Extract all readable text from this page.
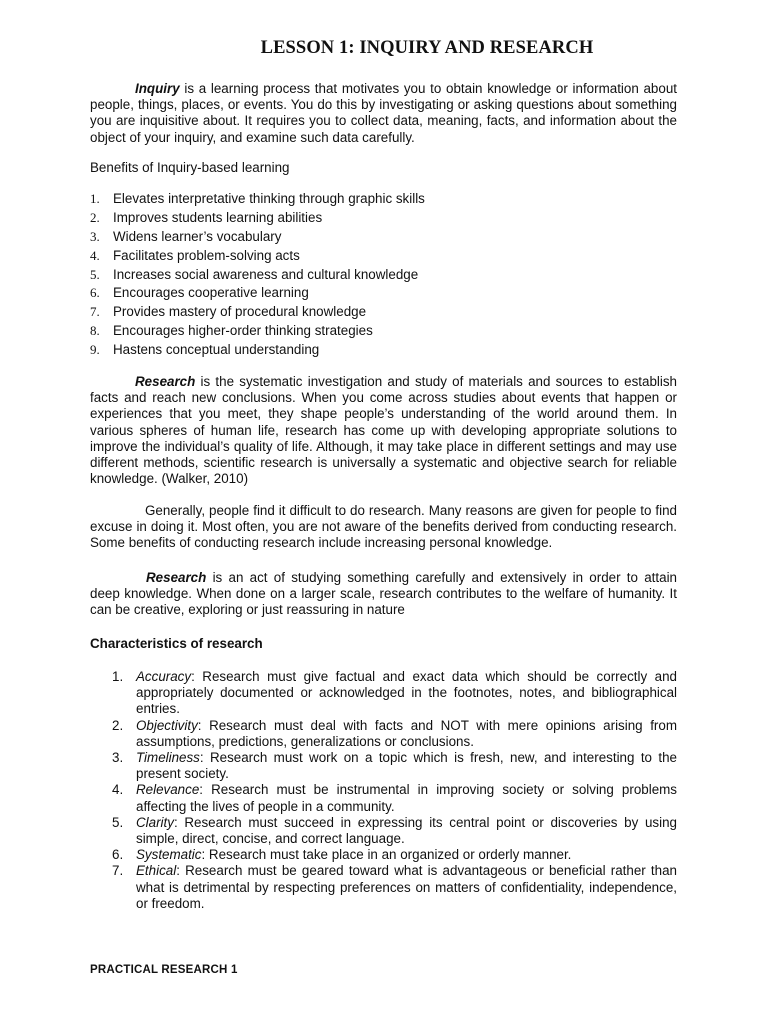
LESSON 1: INQUIRY AND RESEARCH

Inquiry is a learning process that motivates you to obtain knowledge or information about people, things, places, or events. You do this by investigating or asking questions about something you are inquisitive about. It requires you to collect data, meaning, facts, and information about the object of your inquiry, and examine such data carefully.

Benefits of Inquiry-based learning

1. Elevates interpretative thinking through graphic skills
2. Improves students learning abilities
3. Widens learner’s vocabulary
4. Facilitates problem-solving acts
5. Increases social awareness and cultural knowledge
6. Encourages cooperative learning
7. Provides mastery of procedural knowledge
8. Encourages higher-order thinking strategies
9. Hastens conceptual understanding

Research is the systematic investigation and study of materials and sources to establish facts and reach new conclusions. When you come across studies about events that happen or experiences that you meet, they shape people’s understanding of the world around them. In various spheres of human life, research has come up with developing appropriate solutions to improve the individual’s quality of life. Although, it may take place in different settings and may use different methods, scientific research is universally a systematic and objective search for reliable knowledge. (Walker, 2010)

Generally, people find it difficult to do research. Many reasons are given for people to find excuse in doing it. Most often, you are not aware of the benefits derived from conducting research. Some benefits of conducting research include increasing personal knowledge.

Research is an act of studying something carefully and extensively in order to attain deep knowledge. When done on a larger scale, research contributes to the welfare of humanity. It can be creative, exploring or just reassuring in nature

Characteristics of research

1. Accuracy: Research must give factual and exact data which should be correctly and appropriately documented or acknowledged in the footnotes, notes, and bibliographical entries.
2. Objectivity: Research must deal with facts and NOT with mere opinions arising from assumptions, predictions, generalizations or conclusions.
3. Timeliness: Research must work on a topic which is fresh, new, and interesting to the present society.
4. Relevance: Research must be instrumental in improving society or solving problems affecting the lives of people in a community.
5. Clarity: Research must succeed in expressing its central point or discoveries by using simple, direct, concise, and correct language.
6. Systematic: Research must take place in an organized or orderly manner.
7. Ethical: Research must be geared toward what is advantageous or beneficial rather than what is detrimental by respecting preferences on matters of confidentiality, independence, or freedom.
PRACTICAL RESEARCH 1
